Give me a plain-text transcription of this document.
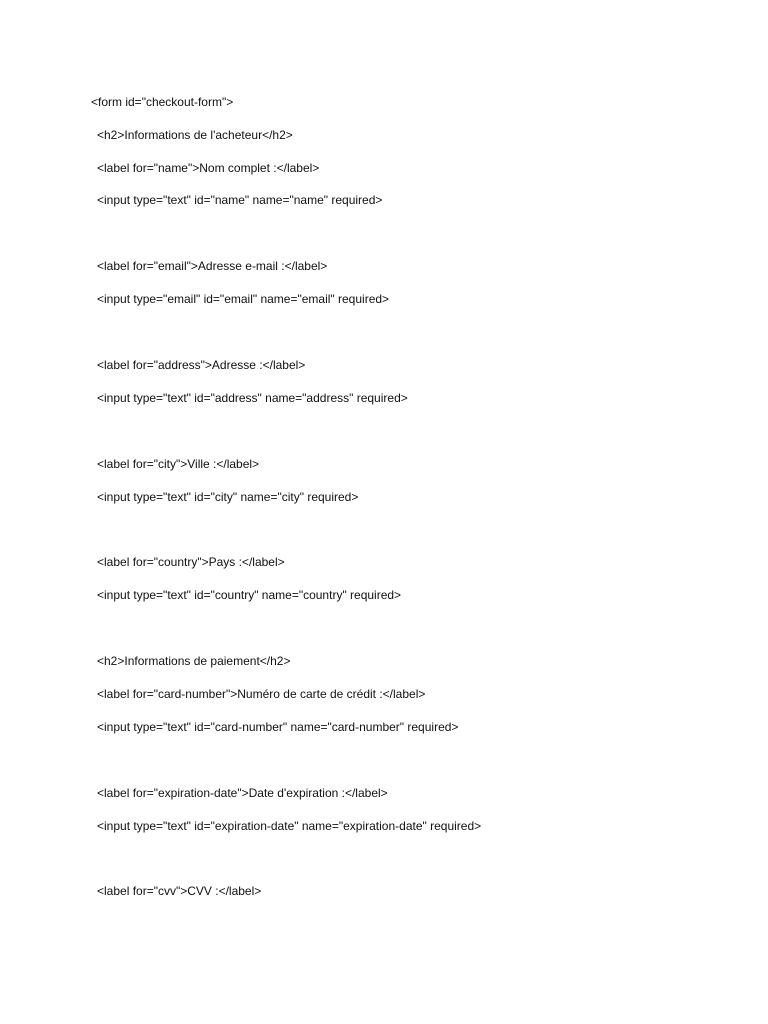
<form id="checkout-form">
<h2>Informations de l'acheteur</h2>
<label for="name">Nom complet :</label>
<input type="text" id="name" name="name" required>
<label for="email">Adresse e-mail :</label>
<input type="email" id="email" name="email" required>
<label for="address">Adresse :</label>
<input type="text" id="address" name="address" required>
<label for="city">Ville :</label>
<input type="text" id="city" name="city" required>
<label for="country">Pays :</label>
<input type="text" id="country" name="country" required>
<h2>Informations de paiement</h2>
<label for="card-number">Numéro de carte de crédit :</label>
<input type="text" id="card-number" name="card-number" required>
<label for="expiration-date">Date d'expiration :</label>
<input type="text" id="expiration-date" name="expiration-date" required>
<label for="cvv">CVV :</label>
